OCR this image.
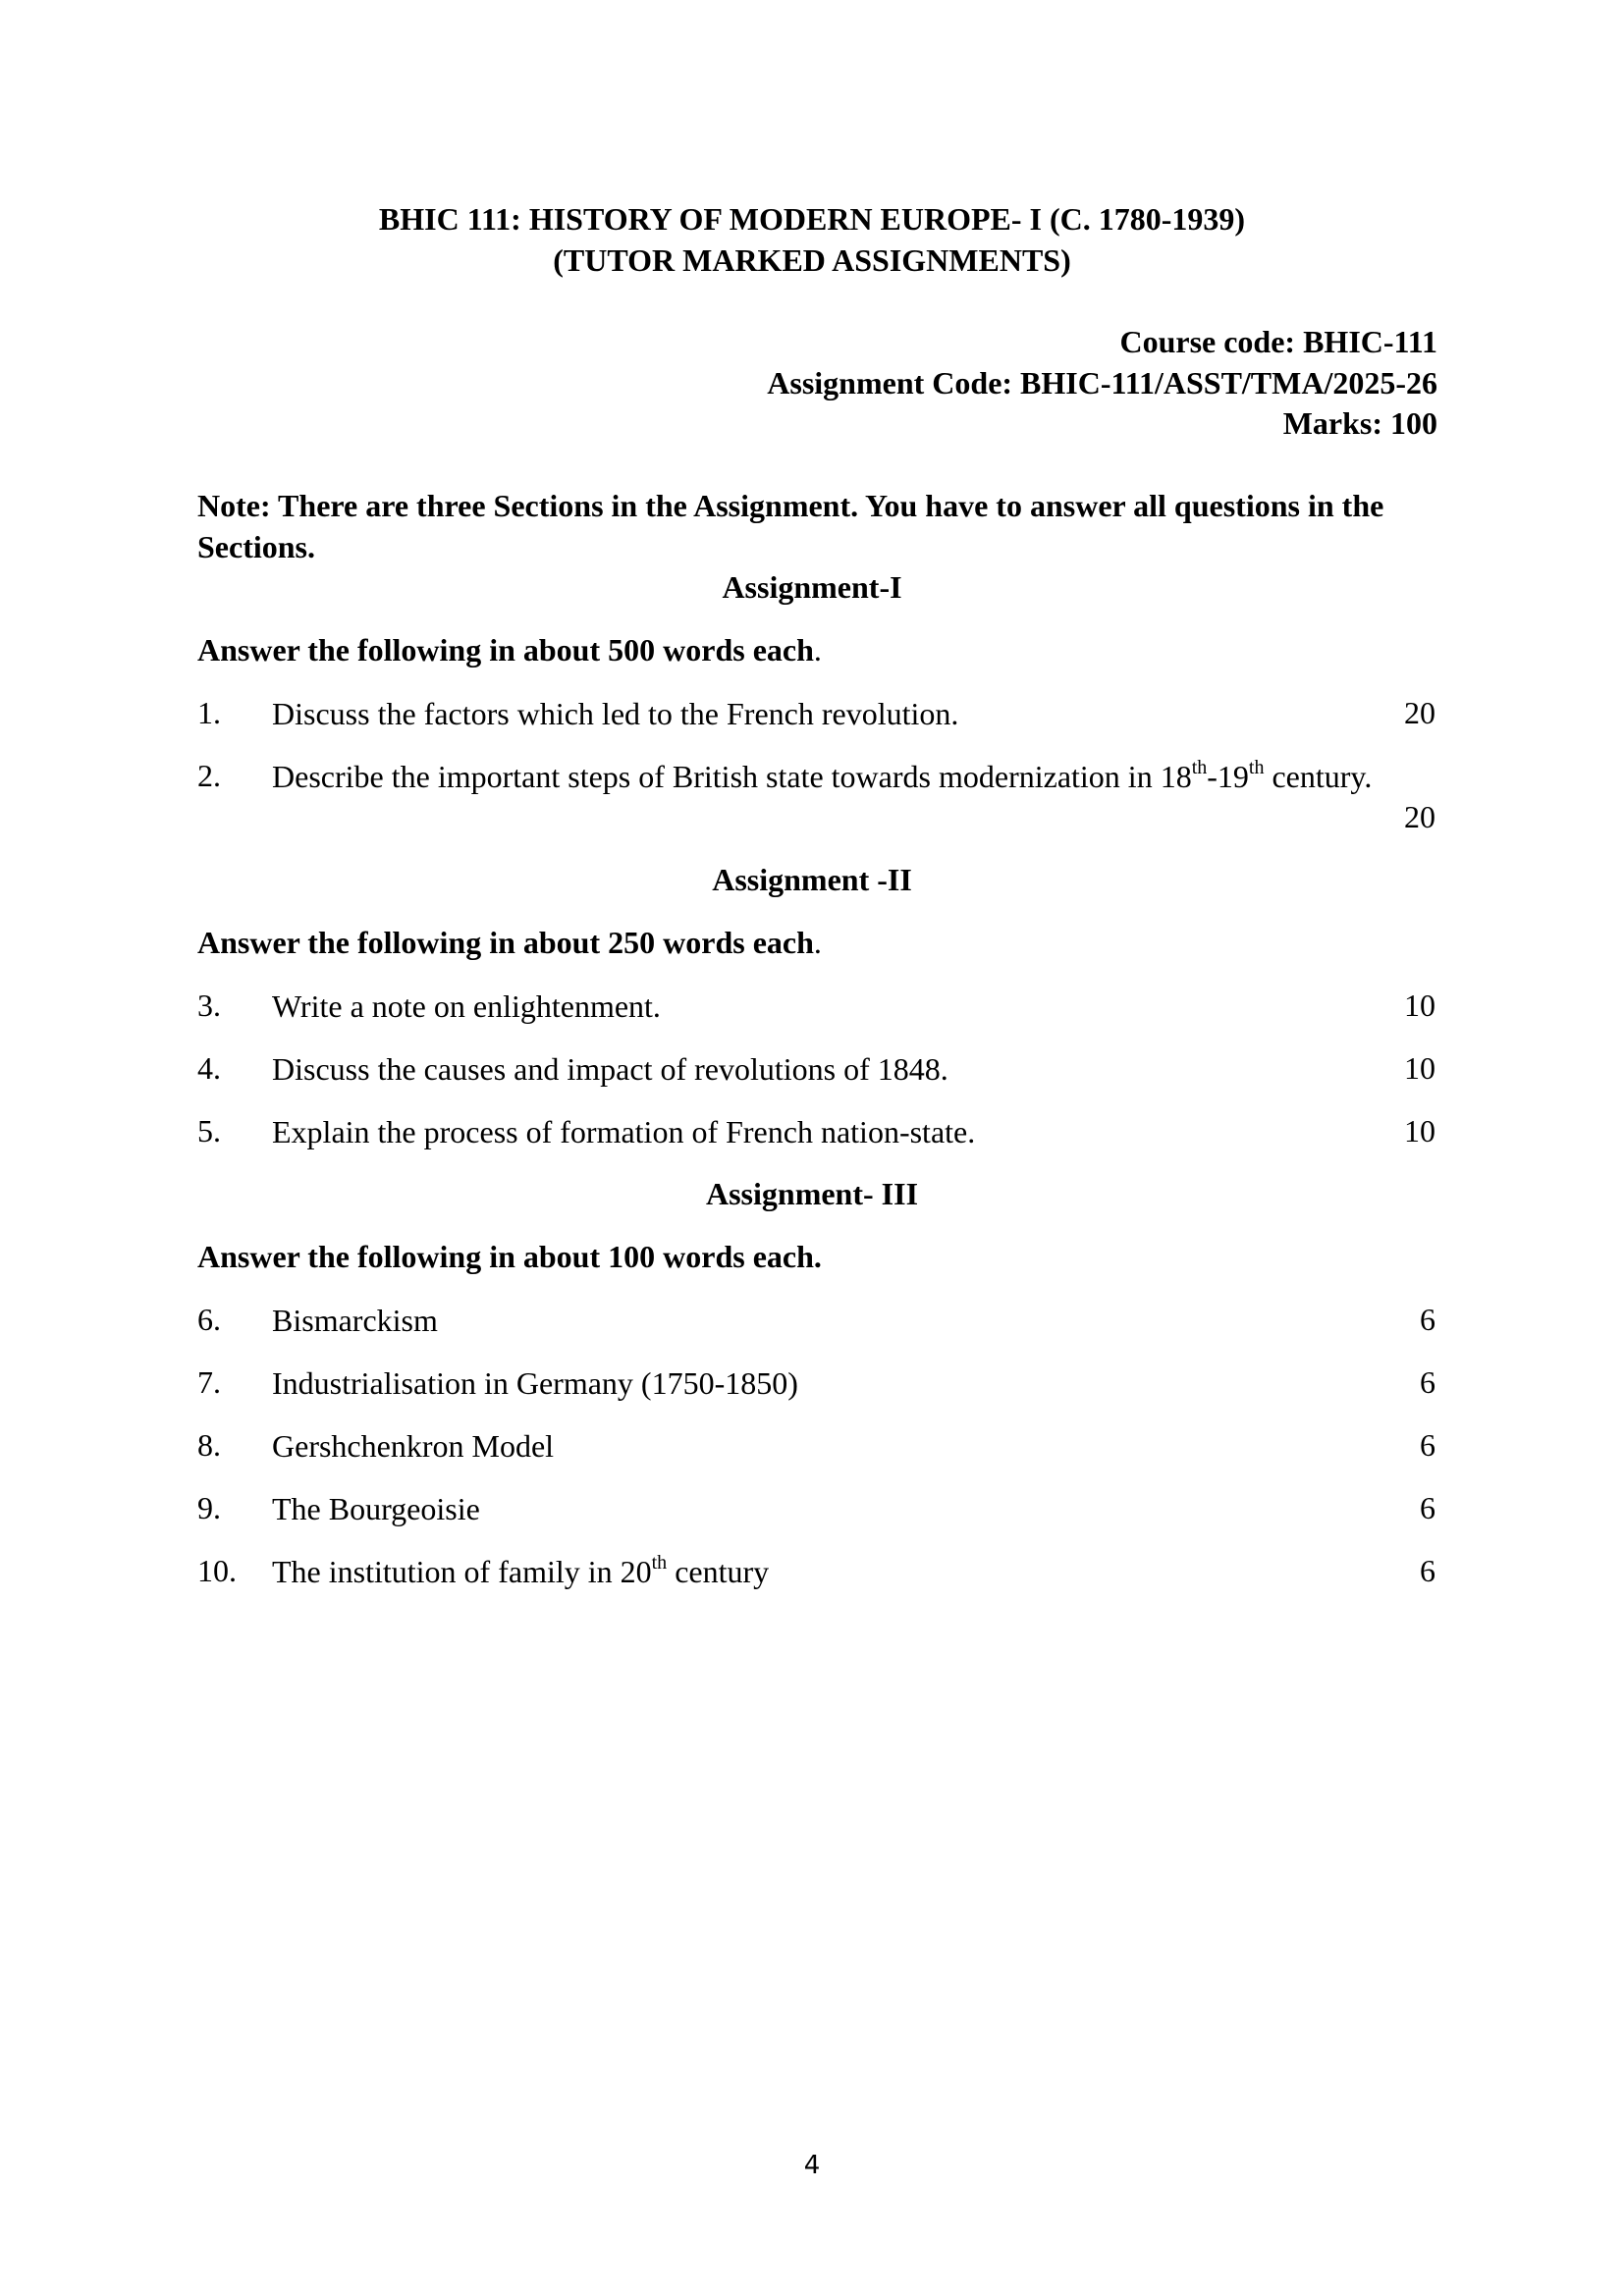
BHIC 111: HISTORY OF MODERN EUROPE- I (C. 1780-1939)
(TUTOR MARKED ASSIGNMENTS)
Course code: BHIC-111
Assignment Code: BHIC-111/ASST/TMA/2025-26
Marks: 100
Note: There are three Sections in the Assignment. You have to answer all questions in the Sections.
Assignment-I
Answer the following in about 500 words each.
1. Discuss the factors which led to the French revolution.	20
2. Describe the important steps of British state towards modernization in 18th-19th century.
20
Assignment -II
Answer the following in about 250 words each.
3. Write a note on enlightenment.	10
4. Discuss the causes and impact of revolutions of 1848.	10
5. Explain the process of formation of French nation-state.	10
Assignment- III
Answer the following in about 100 words each.
6. Bismarckism	6
7. Industrialisation in Germany (1750-1850)	6
8. Gershchenkron Model	6
9. The Bourgeoisie	6
10. The institution of family in 20th century	6
4
